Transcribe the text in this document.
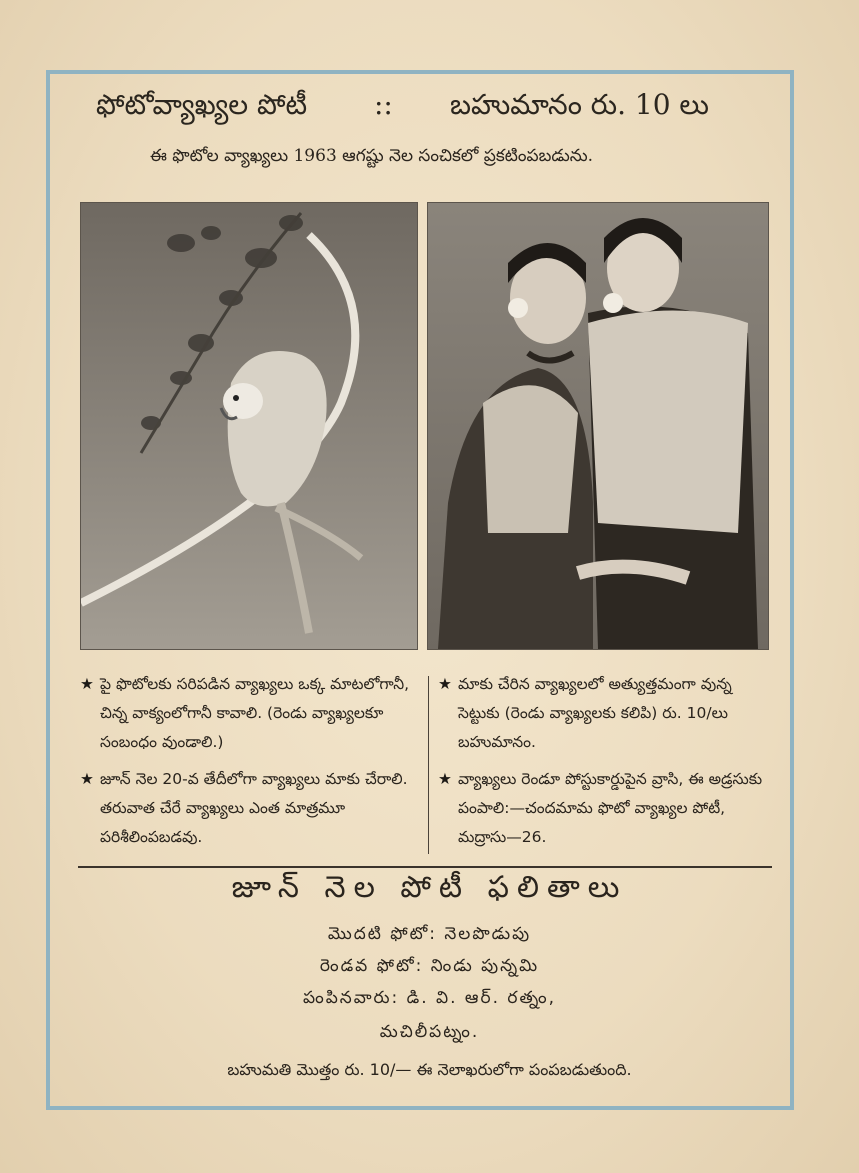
ఫోటోవ్యాఖ్యల పోటీ :: బహుమానం రు. 10 లు
ఈ ఫొటోల వ్యాఖ్యలు 1963 ఆగష్టు నెల సంచికలో ప్రకటింపబడును.
★ పై ఫొటోలకు సరిపడిన వ్యాఖ్యలు ఒక్క మాటలోగానీ, చిన్న వాక్యంలోగానీ కావాలి. (రెండు వ్యాఖ్యలకూ సంబంధం వుండాలి.)
★ జూన్ నెల 20-వ తేదీలోగా వ్యాఖ్యలు మాకు చేరాలి. తరువాత చేరే వ్యాఖ్యలు ఎంత మాత్రమూ పరిశీలింపబడవు.
★ మాకు చేరిన వ్యాఖ్యలలో అత్యుత్తమంగా వున్న సెట్టుకు (రెండు వ్యాఖ్యలకు కలిపి) రు. 10/లు బహుమానం.
★ వ్యాఖ్యలు రెండూ పోస్టుకార్డుపైన వ్రాసి, ఈ అడ్రసుకు పంపాలి:—చందమామ ఫొటో వ్యాఖ్యల పోటీ, మద్రాసు—26.
జూన్ నెల పోటీ ఫలితాలు
మొదటి ఫోటో: నెలపొడుపు
రెండవ ఫోటో: నిండు పున్నమి
పంపినవారు: డి. వి. ఆర్. రత్నం,
మచిలీపట్నం.
బహుమతి మొత్తం రు. 10/— ఈ నెలాఖరులోగా పంపబడుతుంది.
